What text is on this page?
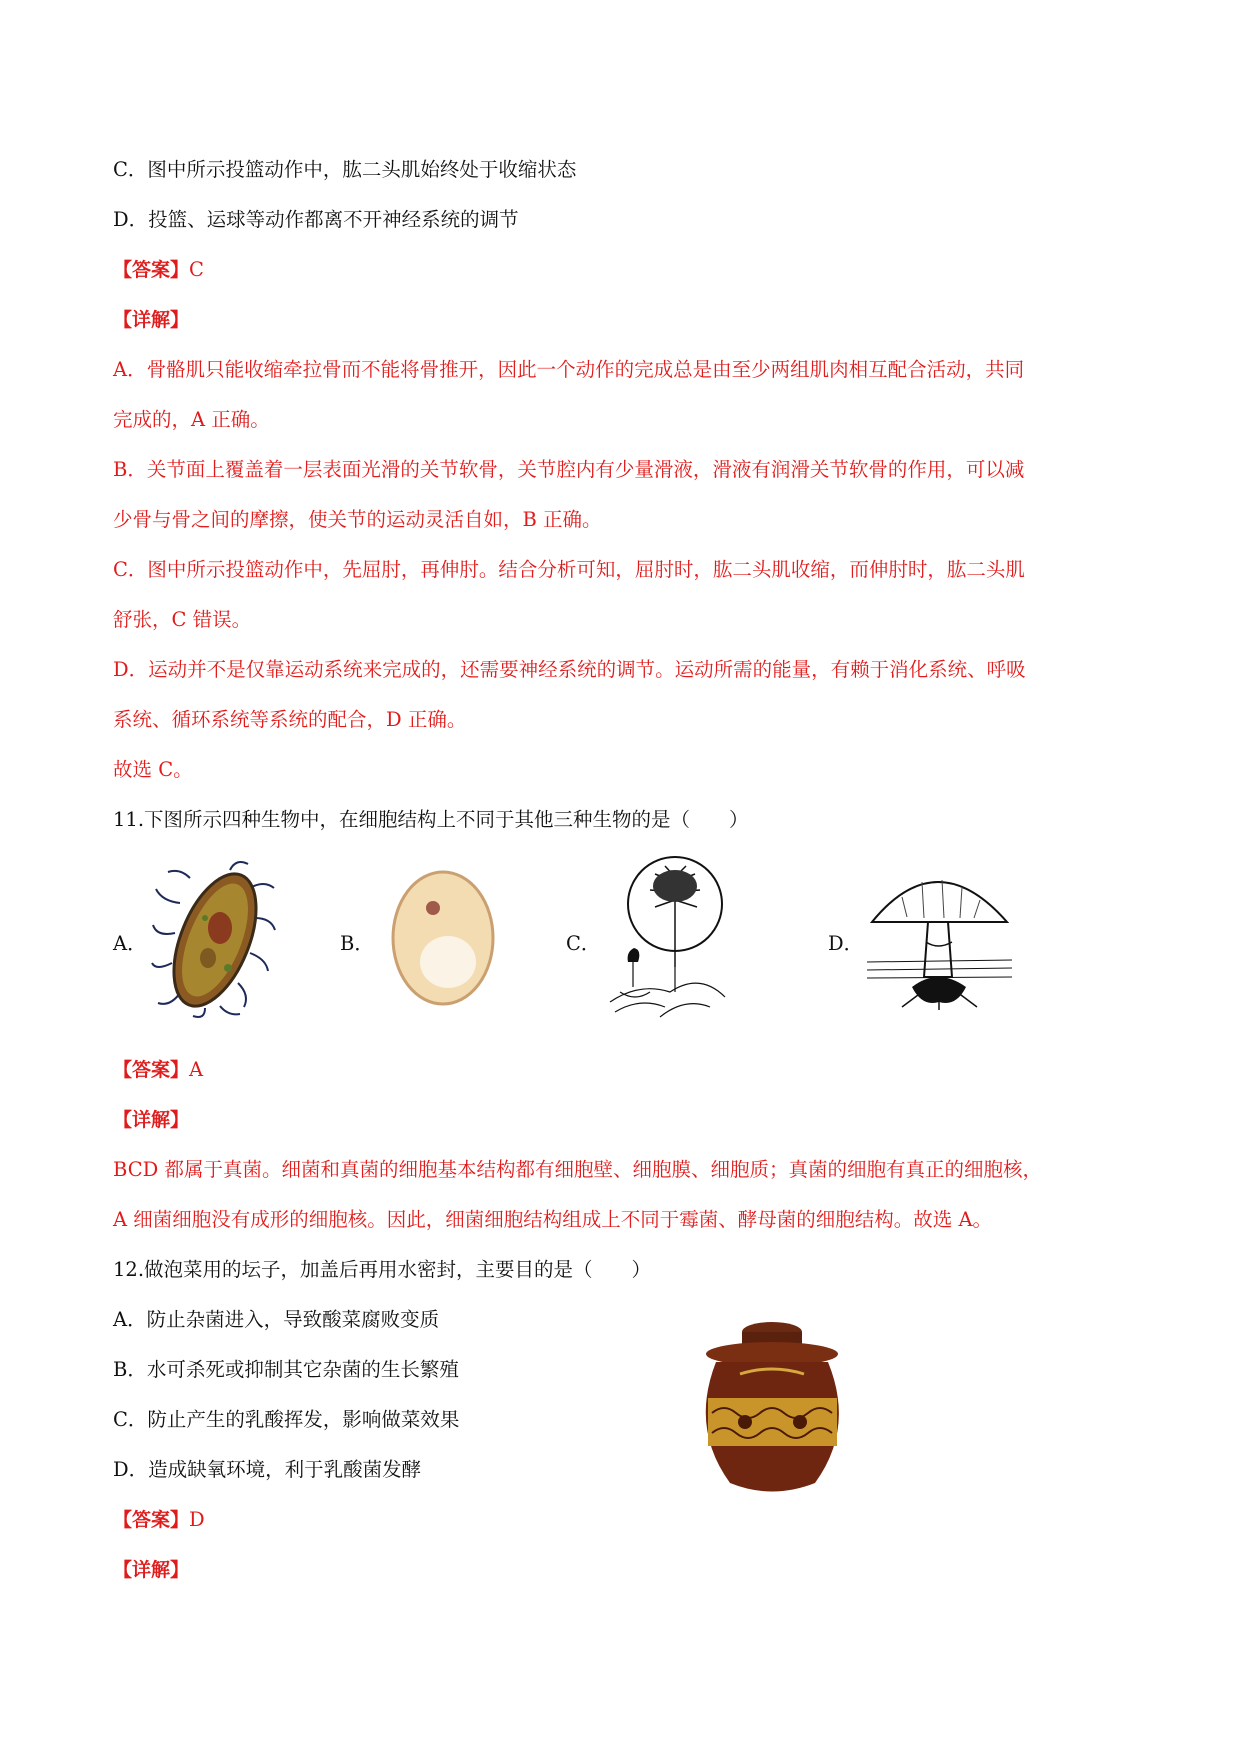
C．图中所示投篮动作中，肱二头肌始终处于收缩状态
D．投篮、运球等动作都离不开神经系统的调节
【答案】C
【详解】
A．骨骼肌只能收缩牵拉骨而不能将骨推开，因此一个动作的完成总是由至少两组肌肉相互配合活动，共同
完成的，A 正确。
B．关节面上覆盖着一层表面光滑的关节软骨，关节腔内有少量滑液，滑液有润滑关节软骨的作用，可以减
少骨与骨之间的摩擦，使关节的运动灵活自如，B 正确。
C．图中所示投篮动作中，先屈肘，再伸肘。结合分析可知，屈肘时，肱二头肌收缩，而伸肘时，肱二头肌
舒张，C 错误。
D．运动并不是仅靠运动系统来完成的，还需要神经系统的调节。运动所需的能量，有赖于消化系统、呼吸
系统、循环系统等系统的配合，D 正确。
故选 C。
11.下图所示四种生物中，在细胞结构上不同于其他三种生物的是（　　）
A．	B．	C．	D．
【答案】A
【详解】
BCD 都属于真菌。细菌和真菌的细胞基本结构都有细胞壁、细胞膜、细胞质；真菌的细胞有真正的细胞核，
A 细菌细胞没有成形的细胞核。因此，细菌细胞结构组成上不同于霉菌、酵母菌的细胞结构。故选 A。
12.做泡菜用的坛子，加盖后再用水密封，主要目的是（　　）
A．防止杂菌进入，导致酸菜腐败变质
B．水可杀死或抑制其它杂菌的生长繁殖
C．防止产生的乳酸挥发，影响做菜效果
D．造成缺氧环境，利于乳酸菌发酵
【答案】D
【详解】
